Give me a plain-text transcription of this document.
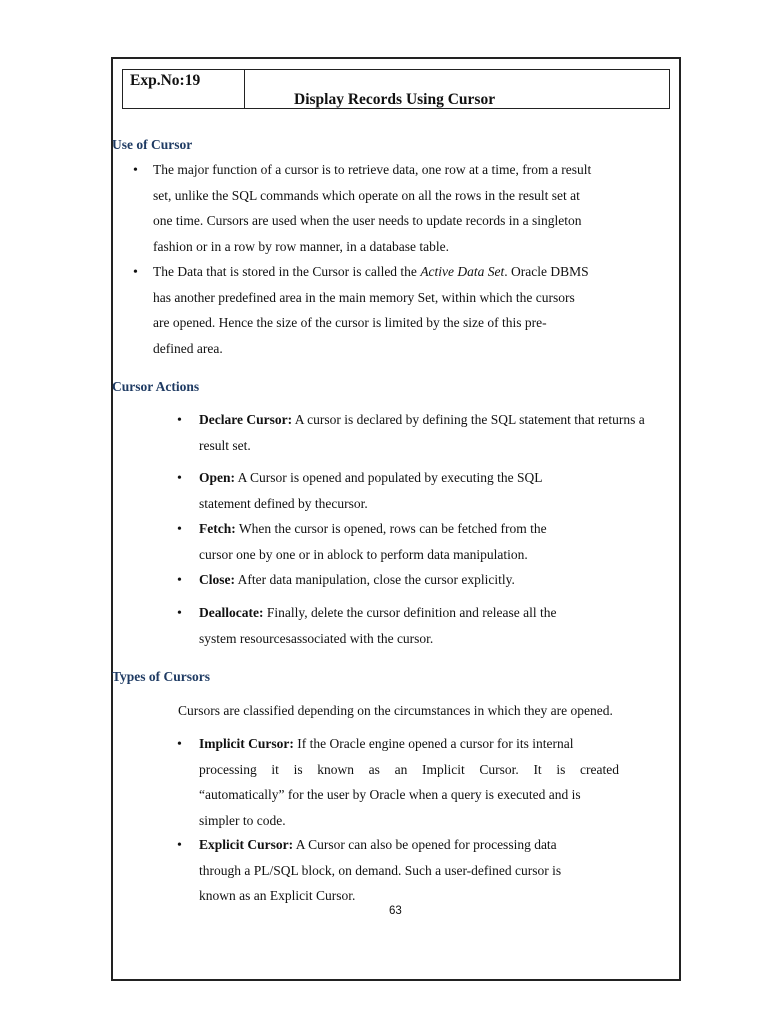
Exp.No:19
Display Records Using Cursor
Use of Cursor
• The major function of a cursor is to retrieve data, one row at a time, from a result
set, unlike the SQL commands which operate on all the rows in the result set at
one time. Cursors are used when the user needs to update records in a singleton
fashion or in a row by row manner, in a database table.
• The Data that is stored in the Cursor is called the Active Data Set. Oracle DBMS
has another predefined area in the main memory Set, within which the cursors
are opened. Hence the size of the cursor is limited by the size of this pre-
defined area.
Cursor Actions
• Declare Cursor: A cursor is declared by defining the SQL statement that returns a
result set.
• Open: A Cursor is opened and populated by executing the SQL
statement defined by thecursor.
• Fetch: When the cursor is opened, rows can be fetched from the
cursor one by one or in ablock to perform data manipulation.
• Close: After data manipulation, close the cursor explicitly.
• Deallocate: Finally, delete the cursor definition and release all the
system resourcesassociated with the cursor.
Types of Cursors
Cursors are classified depending on the circumstances in which they are opened.
• Implicit Cursor: If the Oracle engine opened a cursor for its internal
processing it is known as an Implicit Cursor. It is created
“automatically” for the user by Oracle when a query is executed and is
simpler to code.
• Explicit Cursor: A Cursor can also be opened for processing data
through a PL/SQL block, on demand. Such a user-defined cursor is
known as an Explicit Cursor.
63
